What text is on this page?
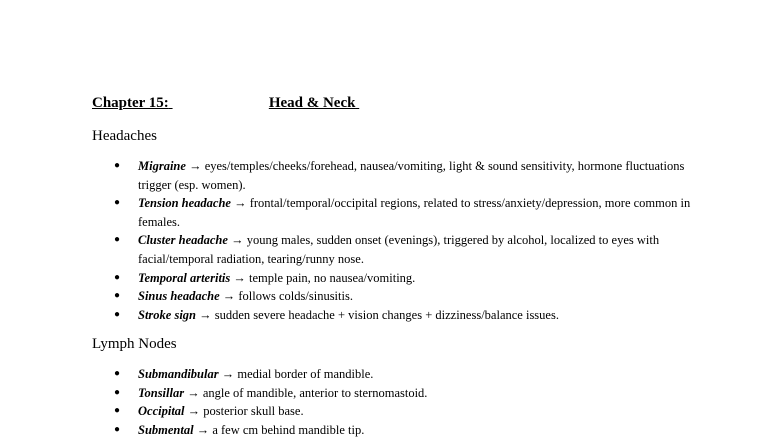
Chapter 15:	Head & Neck
Headaches
● Migraine → eyes/temples/cheeks/forehead, nausea/vomiting, light & sound sensitivity, hormone fluctuations trigger (esp. women).
● Tension headache → frontal/temporal/occipital regions, related to stress/anxiety/depression, more common in females.
● Cluster headache → young males, sudden onset (evenings), triggered by alcohol, localized to eyes with facial/temporal radiation, tearing/runny nose.
● Temporal arteritis → temple pain, no nausea/vomiting.
● Sinus headache → follows colds/sinusitis.
● Stroke sign → sudden severe headache + vision changes + dizziness/balance issues.
Lymph Nodes
● Submandibular → medial border of mandible.
● Tonsillar → angle of mandible, anterior to sternomastoid.
● Occipital → posterior skull base.
● Submental → a few cm behind mandible tip.
